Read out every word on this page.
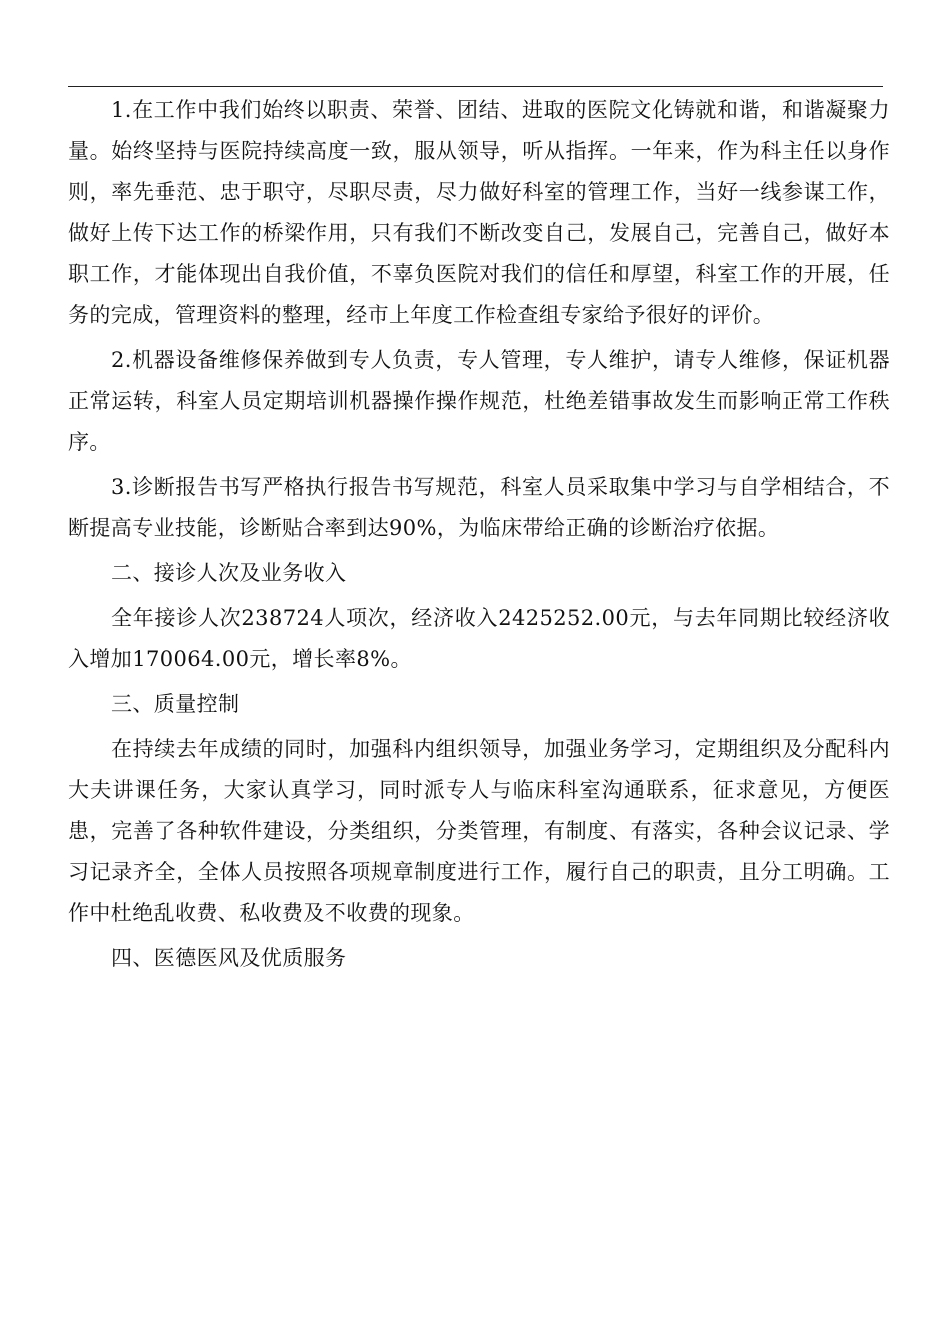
1.在工作中我们始终以职责、荣誉、团结、进取的医院文化铸就和谐，和谐凝聚力量。始终坚持与医院持续高度一致，服从领导，听从指挥。一年来，作为科主任以身作则，率先垂范、忠于职守，尽职尽责，尽力做好科室的管理工作，当好一线参谋工作，做好上传下达工作的桥梁作用，只有我们不断改变自己，发展自己，完善自己，做好本职工作，才能体现出自我价值，不辜负医院对我们的信任和厚望，科室工作的开展，任务的完成，管理资料的整理，经市上年度工作检查组专家给予很好的评价。

2.机器设备维修保养做到专人负责，专人管理，专人维护，请专人维修，保证机器正常运转，科室人员定期培训机器操作操作规范，杜绝差错事故发生而影响正常工作秩序。

3.诊断报告书写严格执行报告书写规范，科室人员采取集中学习与自学相结合，不断提高专业技能，诊断贴合率到达90%，为临床带给正确的诊断治疗依据。

二、接诊人次及业务收入

全年接诊人次238724人项次，经济收入2425252.00元，与去年同期比较经济收入增加170064.00元，增长率8%。

三、质量控制

在持续去年成绩的同时，加强科内组织领导，加强业务学习，定期组织及分配科内大夫讲课任务，大家认真学习，同时派专人与临床科室沟通联系，征求意见，方便医患，完善了各种软件建设，分类组织，分类管理，有制度、有落实，各种会议记录、学习记录齐全，全体人员按照各项规章制度进行工作，履行自己的职责，且分工明确。工作中杜绝乱收费、私收费及不收费的现象。

四、医德医风及优质服务
